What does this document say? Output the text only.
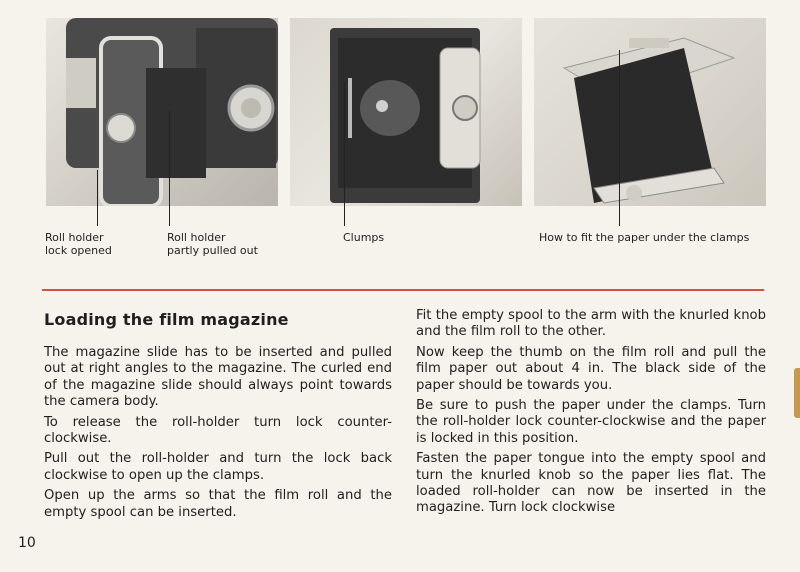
Roll holder
lock opened
Roll holder
partly pulled out
Clumps	How to fit the paper under the clamps
Loading the film magazine

The magazine slide has to be inserted and pulled out at right angles to the magazine. The curled end of the magazine slide should always point towards the camera body.

To release the roll-holder turn lock counter-clockwise.

Pull out the roll-holder and turn the lock back clockwise to open up the clamps.

Open up the arms so that the film roll and the empty spool can be inserted.

Fit the empty spool to the arm with the knurled knob and the film roll to the other.

Now keep the thumb on the film roll and pull the film paper out about 4 in. The black side of the paper should be towards you.

Be sure to push the paper under the clamps. Turn the roll-holder lock counter-clockwise and the paper is locked in this position.

Fasten the paper tongue into the empty spool and turn the knurled knob so the paper lies flat. The loaded roll-holder can now be inserted in the magazine. Turn lock clockwise

10
